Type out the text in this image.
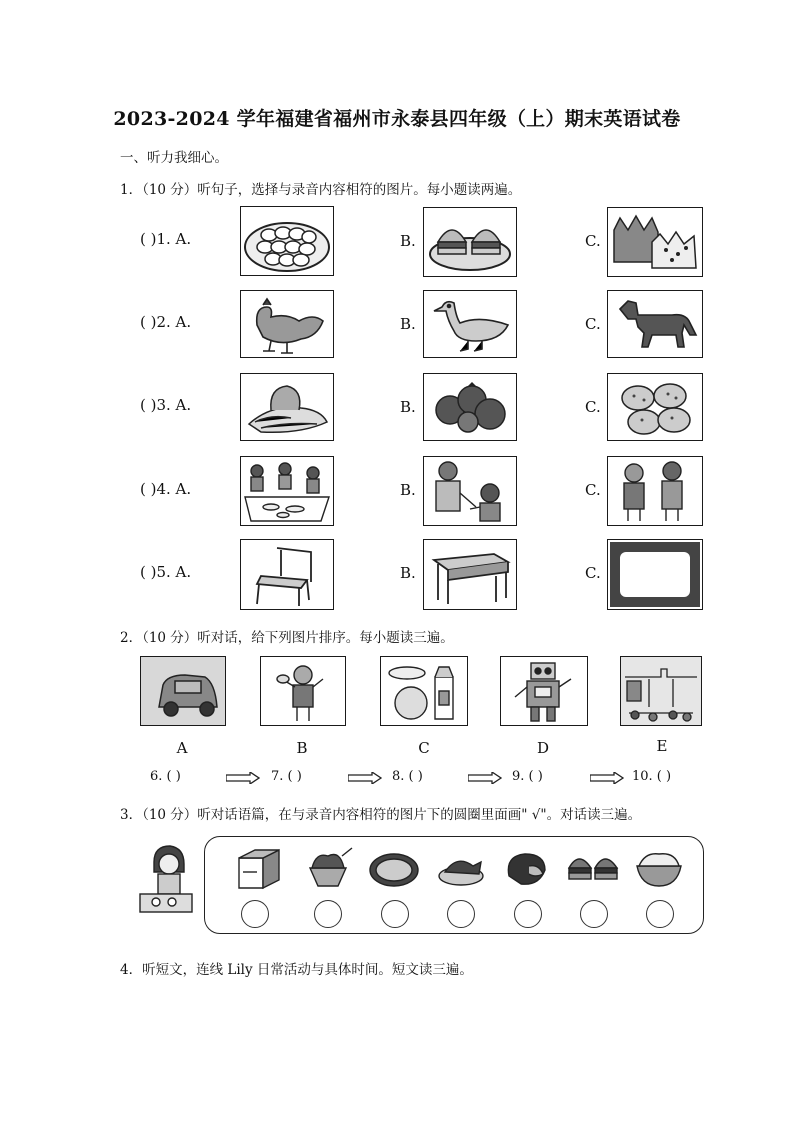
2023-2024 学年福建省福州市永泰县四年级（上）期末英语试卷
一、听力我细心。
1．（10 分）听句子，选择与录音内容相符的图片。每小题读两遍。
( )1. A.	B.	C.
( )2. A.	B.	C.
( )3. A.	B.	C.
( )4. A.	B.	C.
( )5. A.	B.	C.
2．（10 分）听对话，给下列图片排序。每小题读三遍。
A	B	C	D	E
6. ( )	7. ( )	8. ( )	9. ( )	10. ( )
3．（10 分）听对话语篇，在与录音内容相符的图片下的圆圈里面画" √"。对话读三遍。
4．听短文，连线 Lily 日常活动与具体时间。短文读三遍。
